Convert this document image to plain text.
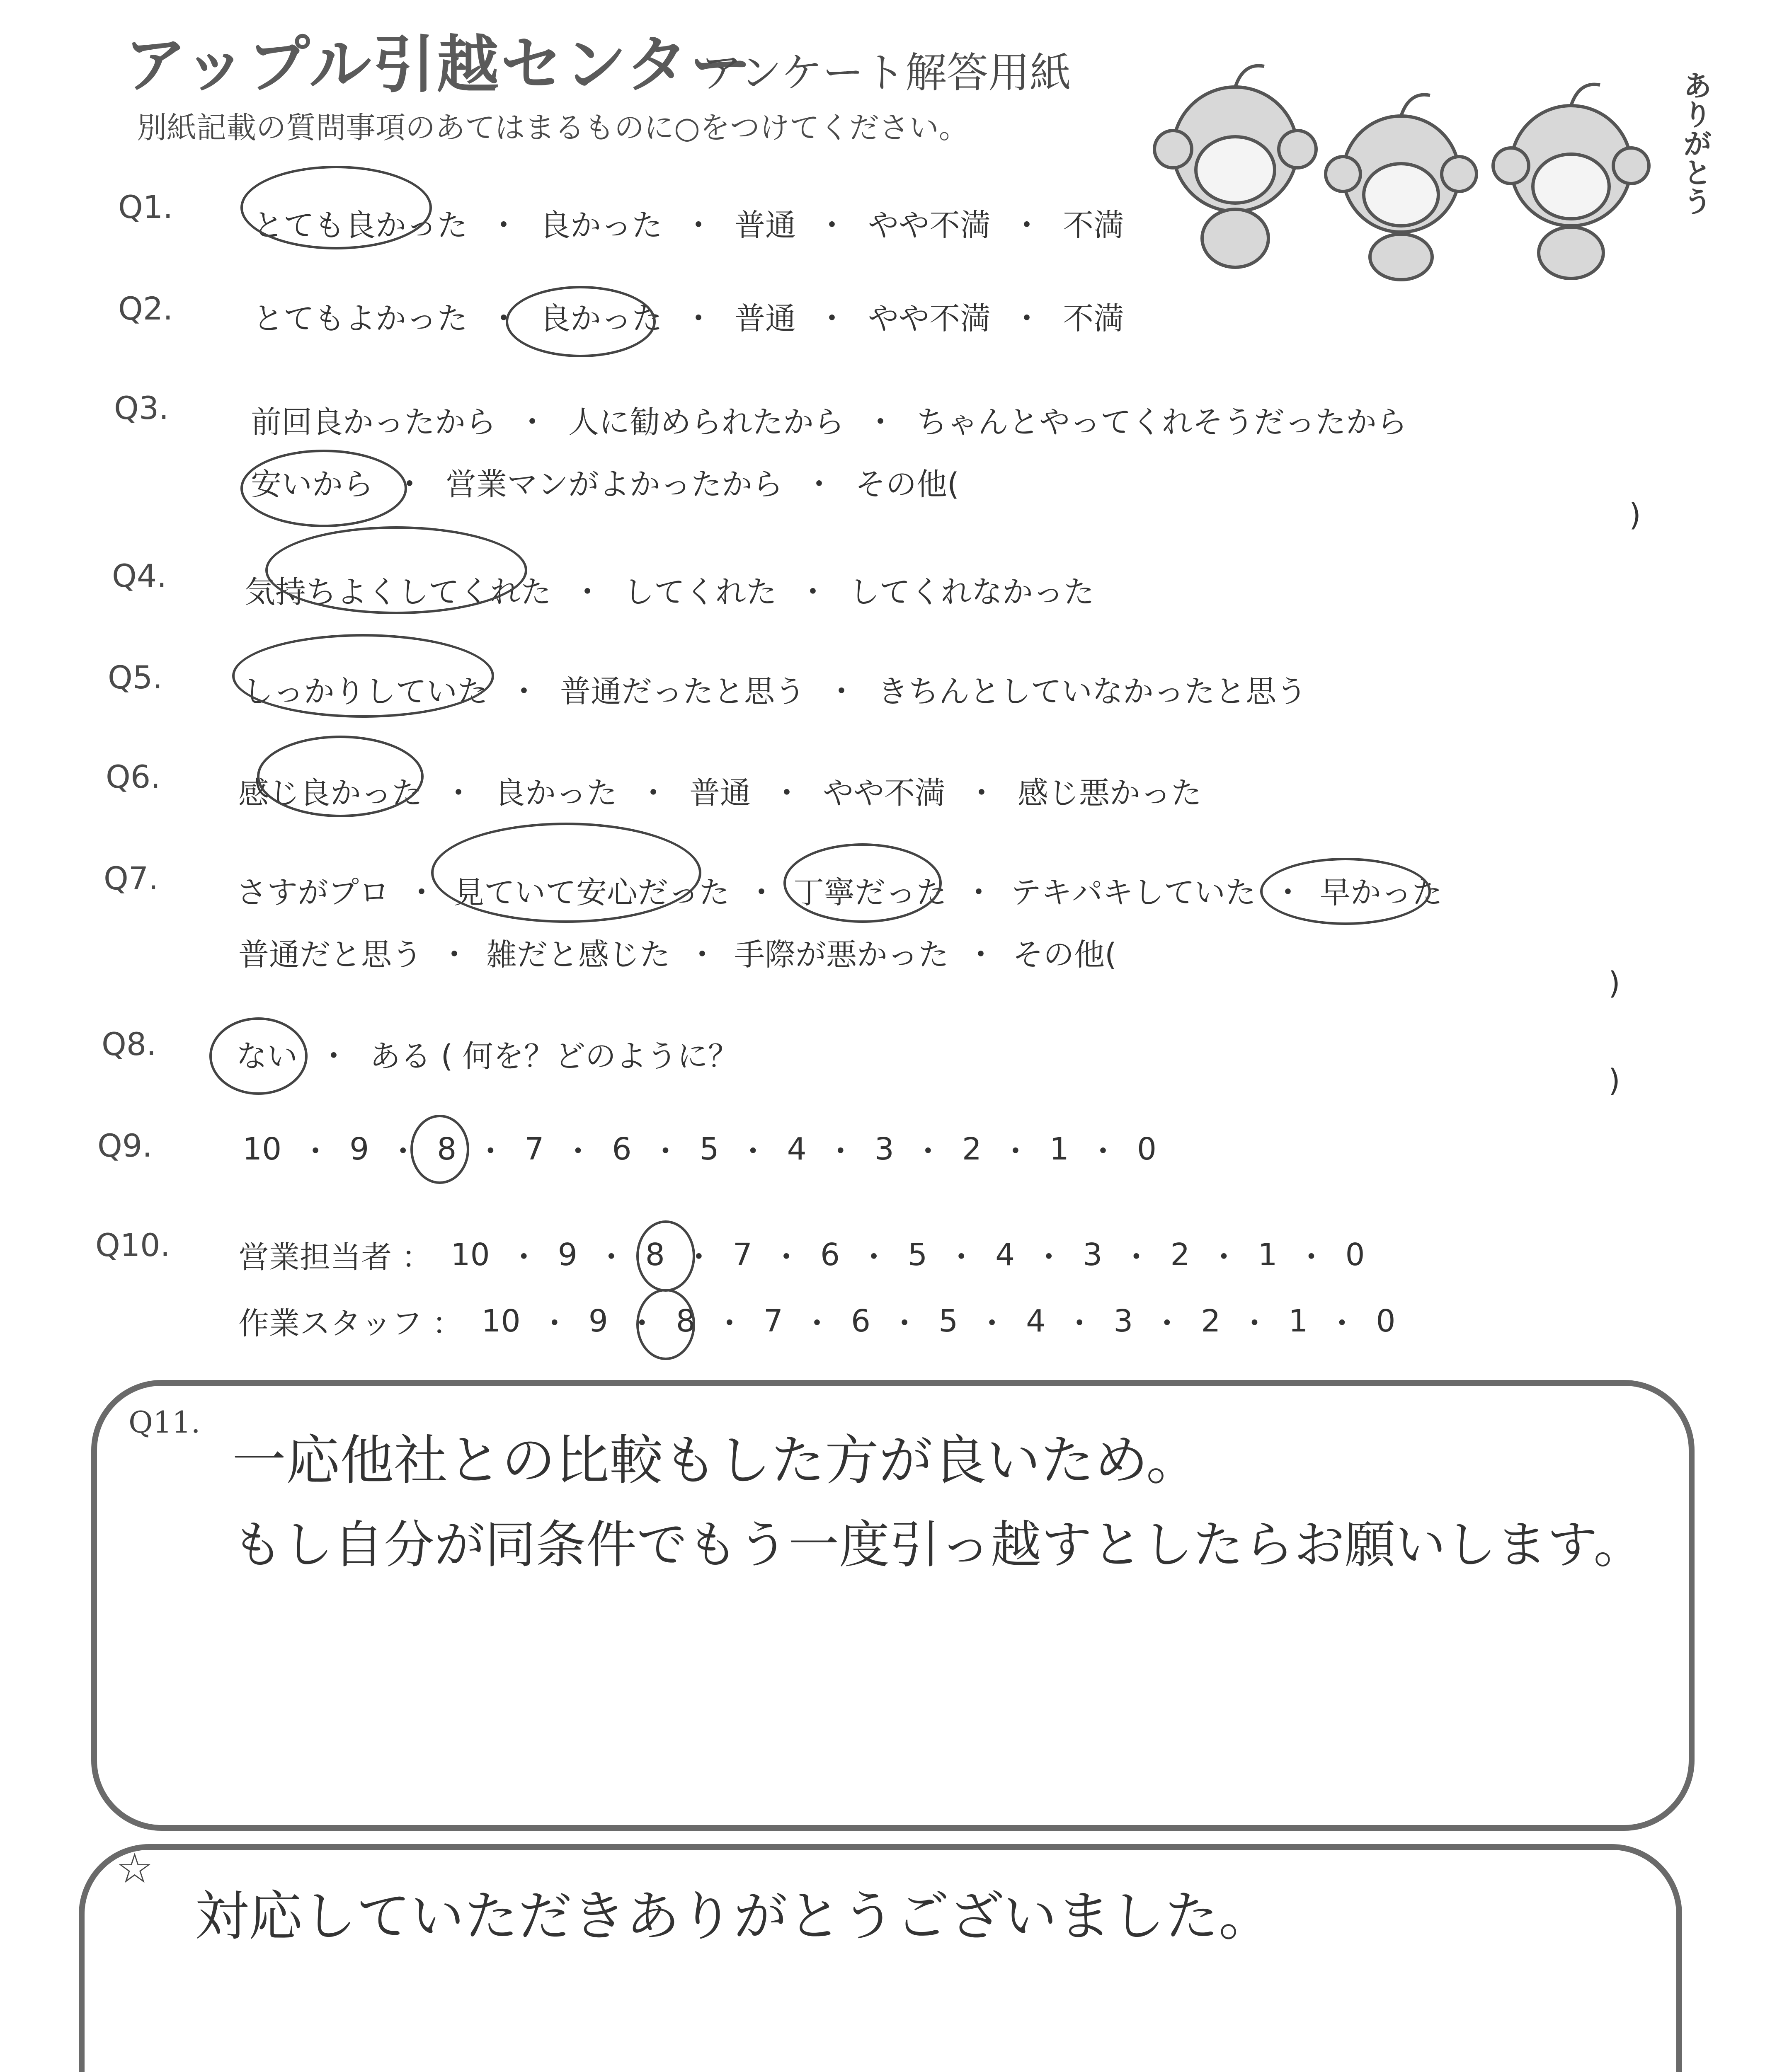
アップル引越センター
アンケート解答用紙
別紙記載の質問事項のあてはまるものに○をつけてください。	ありがとう
Q1.	とても良かった ・ 良かった ・ 普通 ・ やや不満 ・ 不満
Q2.	とてもよかった ・ 良かった ・ 普通 ・ やや不満 ・ 不満
Q3.	前回良かったから ・ 人に勧められたから ・ ちゃんとやってくれそうだったから
安いから ・ 営業マンがよかったから ・ その他(
)
Q4.	気持ちよくしてくれた ・ してくれた ・ してくれなかった
Q5.	しっかりしていた ・ 普通だったと思う ・ きちんとしていなかったと思う
Q6.	感じ良かった ・ 良かった ・ 普通 ・ やや不満 ・ 感じ悪かった
Q7.	さすがプロ ・ 見ていて安心だった ・ 丁寧だった ・ テキパキしていた ・ 早かった
普通だと思う ・ 雑だと感じた ・ 手際が悪かった ・ その他(
)
Q8.	ない ・ ある ( 何を？どのように？
)
Q9.	10 ・ 9 ・ 8 ・ 7 ・ 6 ・ 5 ・ 4 ・ 3 ・ 2 ・ 1 ・ 0
Q10. 営業担当者 ： 10 ・ 9 ・ 8 ・ 7 ・ 6 ・ 5 ・ 4 ・ 3 ・ 2 ・ 1 ・ 0
作業スタッフ ： 10 ・ 9 ・ 8 ・ 7 ・ 6 ・ 5 ・ 4 ・ 3 ・ 2 ・ 1 ・ 0
Q11.
一応他社との比較もした方が良いため。
もし自分が同条件でもう一度引っ越すとしたらお願いします。
☆
対応していただきありがとうございました。
